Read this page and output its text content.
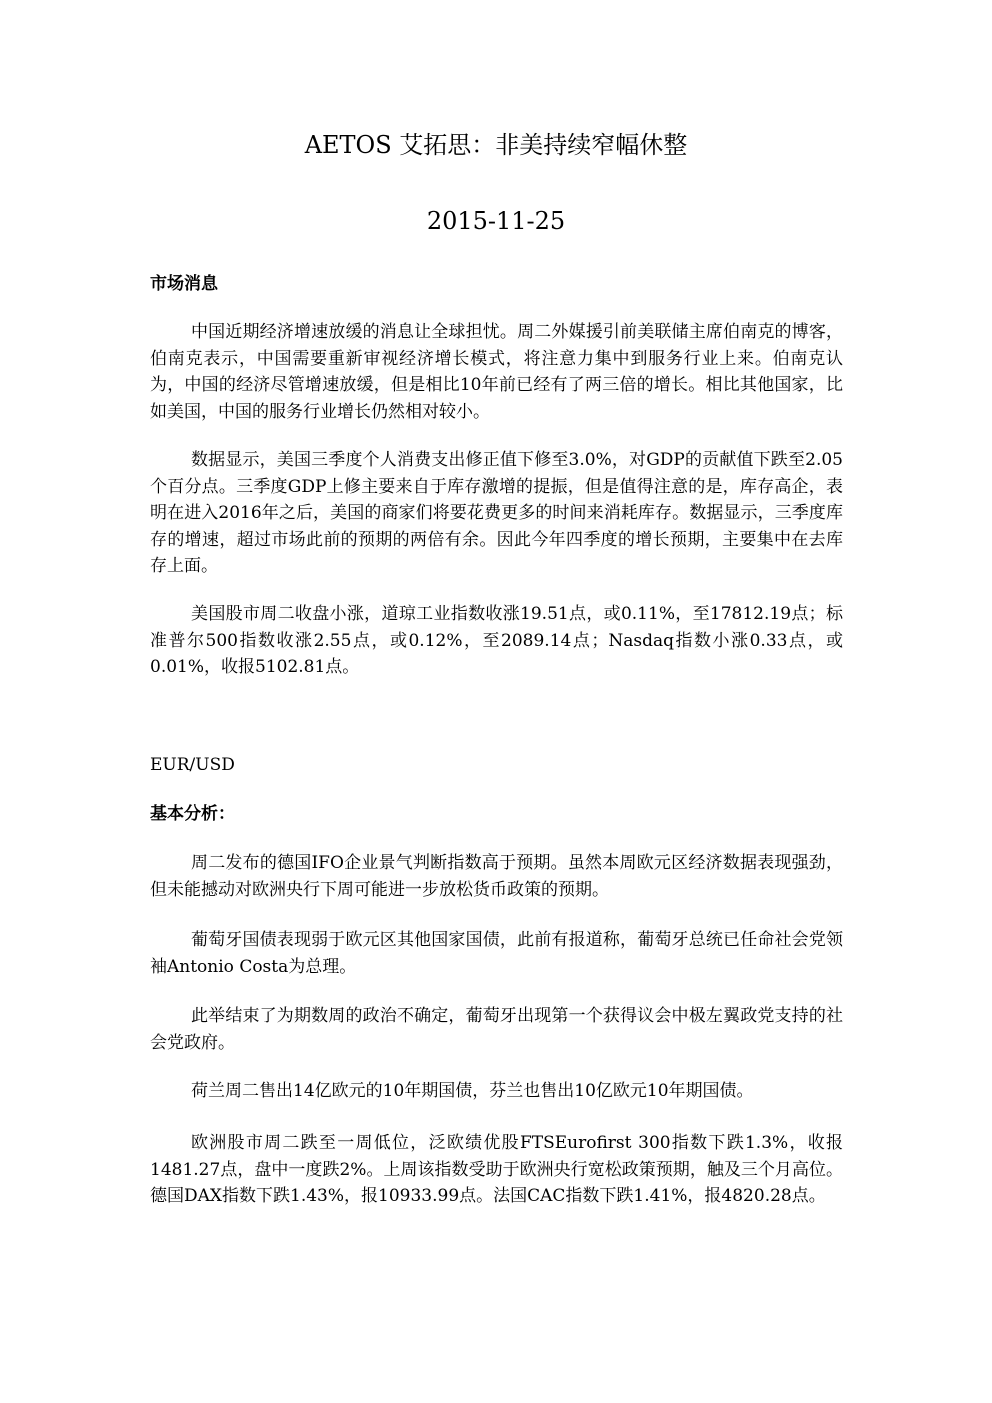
AETOS 艾拓思：非美持续窄幅休整
2015-11-25
市场消息

中国近期经济增速放缓的消息让全球担忧。周二外媒援引前美联储主席伯南克的博客，伯南克表示，中国需要重新审视经济增长模式，将注意力集中到服务行业上来。伯南克认为，中国的经济尽管增速放缓，但是相比10年前已经有了两三倍的增长。相比其他国家，比如美国，中国的服务行业增长仍然相对较小。

数据显示，美国三季度个人消费支出修正值下修至3.0%，对GDP的贡献值下跌至2.05个百分点。三季度GDP上修主要来自于库存激增的提振，但是值得注意的是，库存高企，表明在进入2016年之后，美国的商家们将要花费更多的时间来消耗库存。数据显示，三季度库存的增速，超过市场此前的预期的两倍有余。因此今年四季度的增长预期，主要集中在去库存上面。

美国股市周二收盘小涨，道琼工业指数收涨19.51点，或0.11%，至17812.19点；标准普尔500指数收涨2.55点，或0.12%，至2089.14点；Nasdaq指数小涨0.33点，或0.01%，收报5102.81点。

EUR/USD
基本分析：

周二发布的德国IFO企业景气判断指数高于预期。虽然本周欧元区经济数据表现强劲，但未能撼动对欧洲央行下周可能进一步放松货币政策的预期。

葡萄牙国债表现弱于欧元区其他国家国债，此前有报道称，葡萄牙总统已任命社会党领袖Antonio Costa为总理。

此举结束了为期数周的政治不确定，葡萄牙出现第一个获得议会中极左翼政党支持的社会党政府。

荷兰周二售出14亿欧元的10年期国债，芬兰也售出10亿欧元10年期国债。

欧洲股市周二跌至一周低位，泛欧绩优股FTSEurofirst 300指数下跌1.3%，收报1481.27点，盘中一度跌2%。上周该指数受助于欧洲央行宽松政策预期，触及三个月高位。德国DAX指数下跌1.43%，报10933.99点。法国CAC指数下跌1.41%，报4820.28点。
